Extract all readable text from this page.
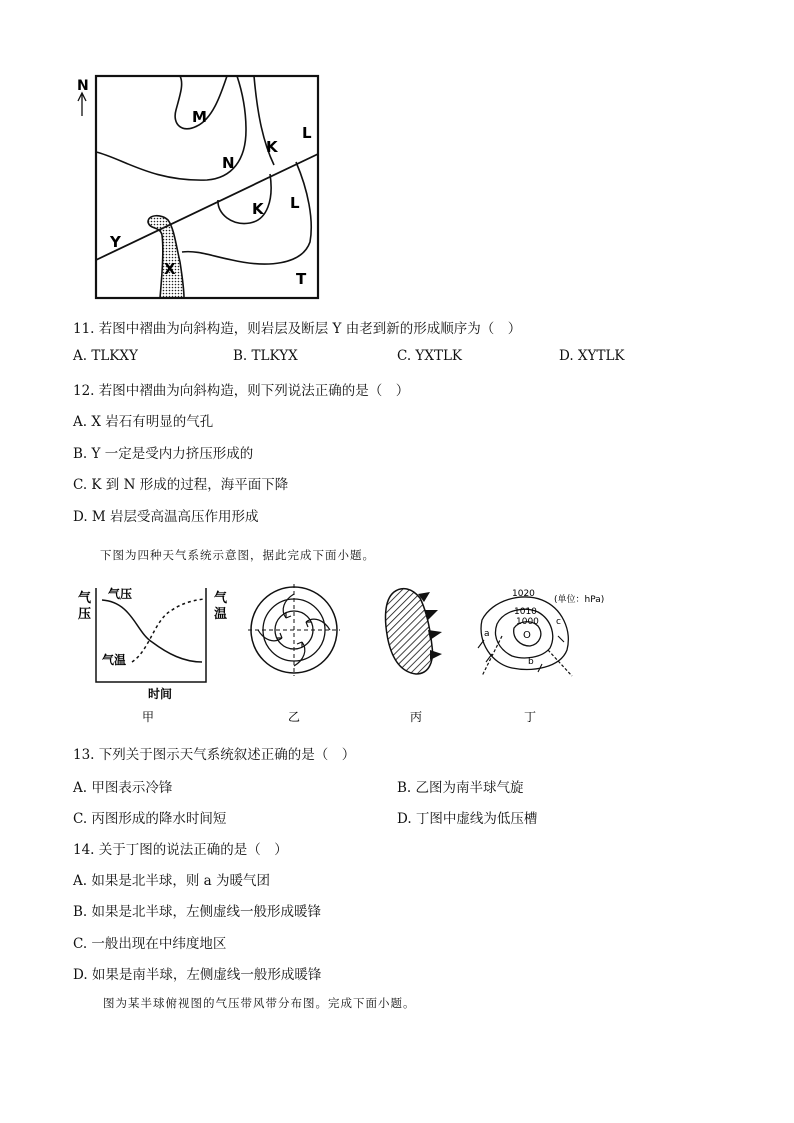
N
M
N
K
L
K L
T
Y
X
11. 若图中褶曲为向斜构造，则岩层及断层 Y 由老到新的形成顺序为（　）
A. TLKXY	B. TLKYX	C. YXTLK	D. XYTLK
12. 若图中褶曲为向斜构造，则下列说法正确的是（　）
A. X 岩石有明显的气孔
B. Y 一定是受内力挤压形成的
C. K 到 N 形成的过程，海平面下降
D. M 岩层受高温高压作用形成
下图为四种天气系统示意图，据此完成下面小题。
气
压
气
温
气压
气温
时间
甲	乙	丙
(单位：hPa)
1020
1010
1000
O
a
b
c
丁
13. 下列关于图示天气系统叙述正确的是（　）
A. 甲图表示冷锋	B. 乙图为南半球气旋
C. 丙图形成的降水时间短	D. 丁图中虚线为低压槽
14. 关于丁图的说法正确的是（　）
A. 如果是北半球，则 a 为暖气团
B. 如果是北半球，左侧虚线一般形成暖锋
C. 一般出现在中纬度地区
D. 如果是南半球，左侧虚线一般形成暖锋
图为某半球俯视图的气压带风带分布图。完成下面小题。
